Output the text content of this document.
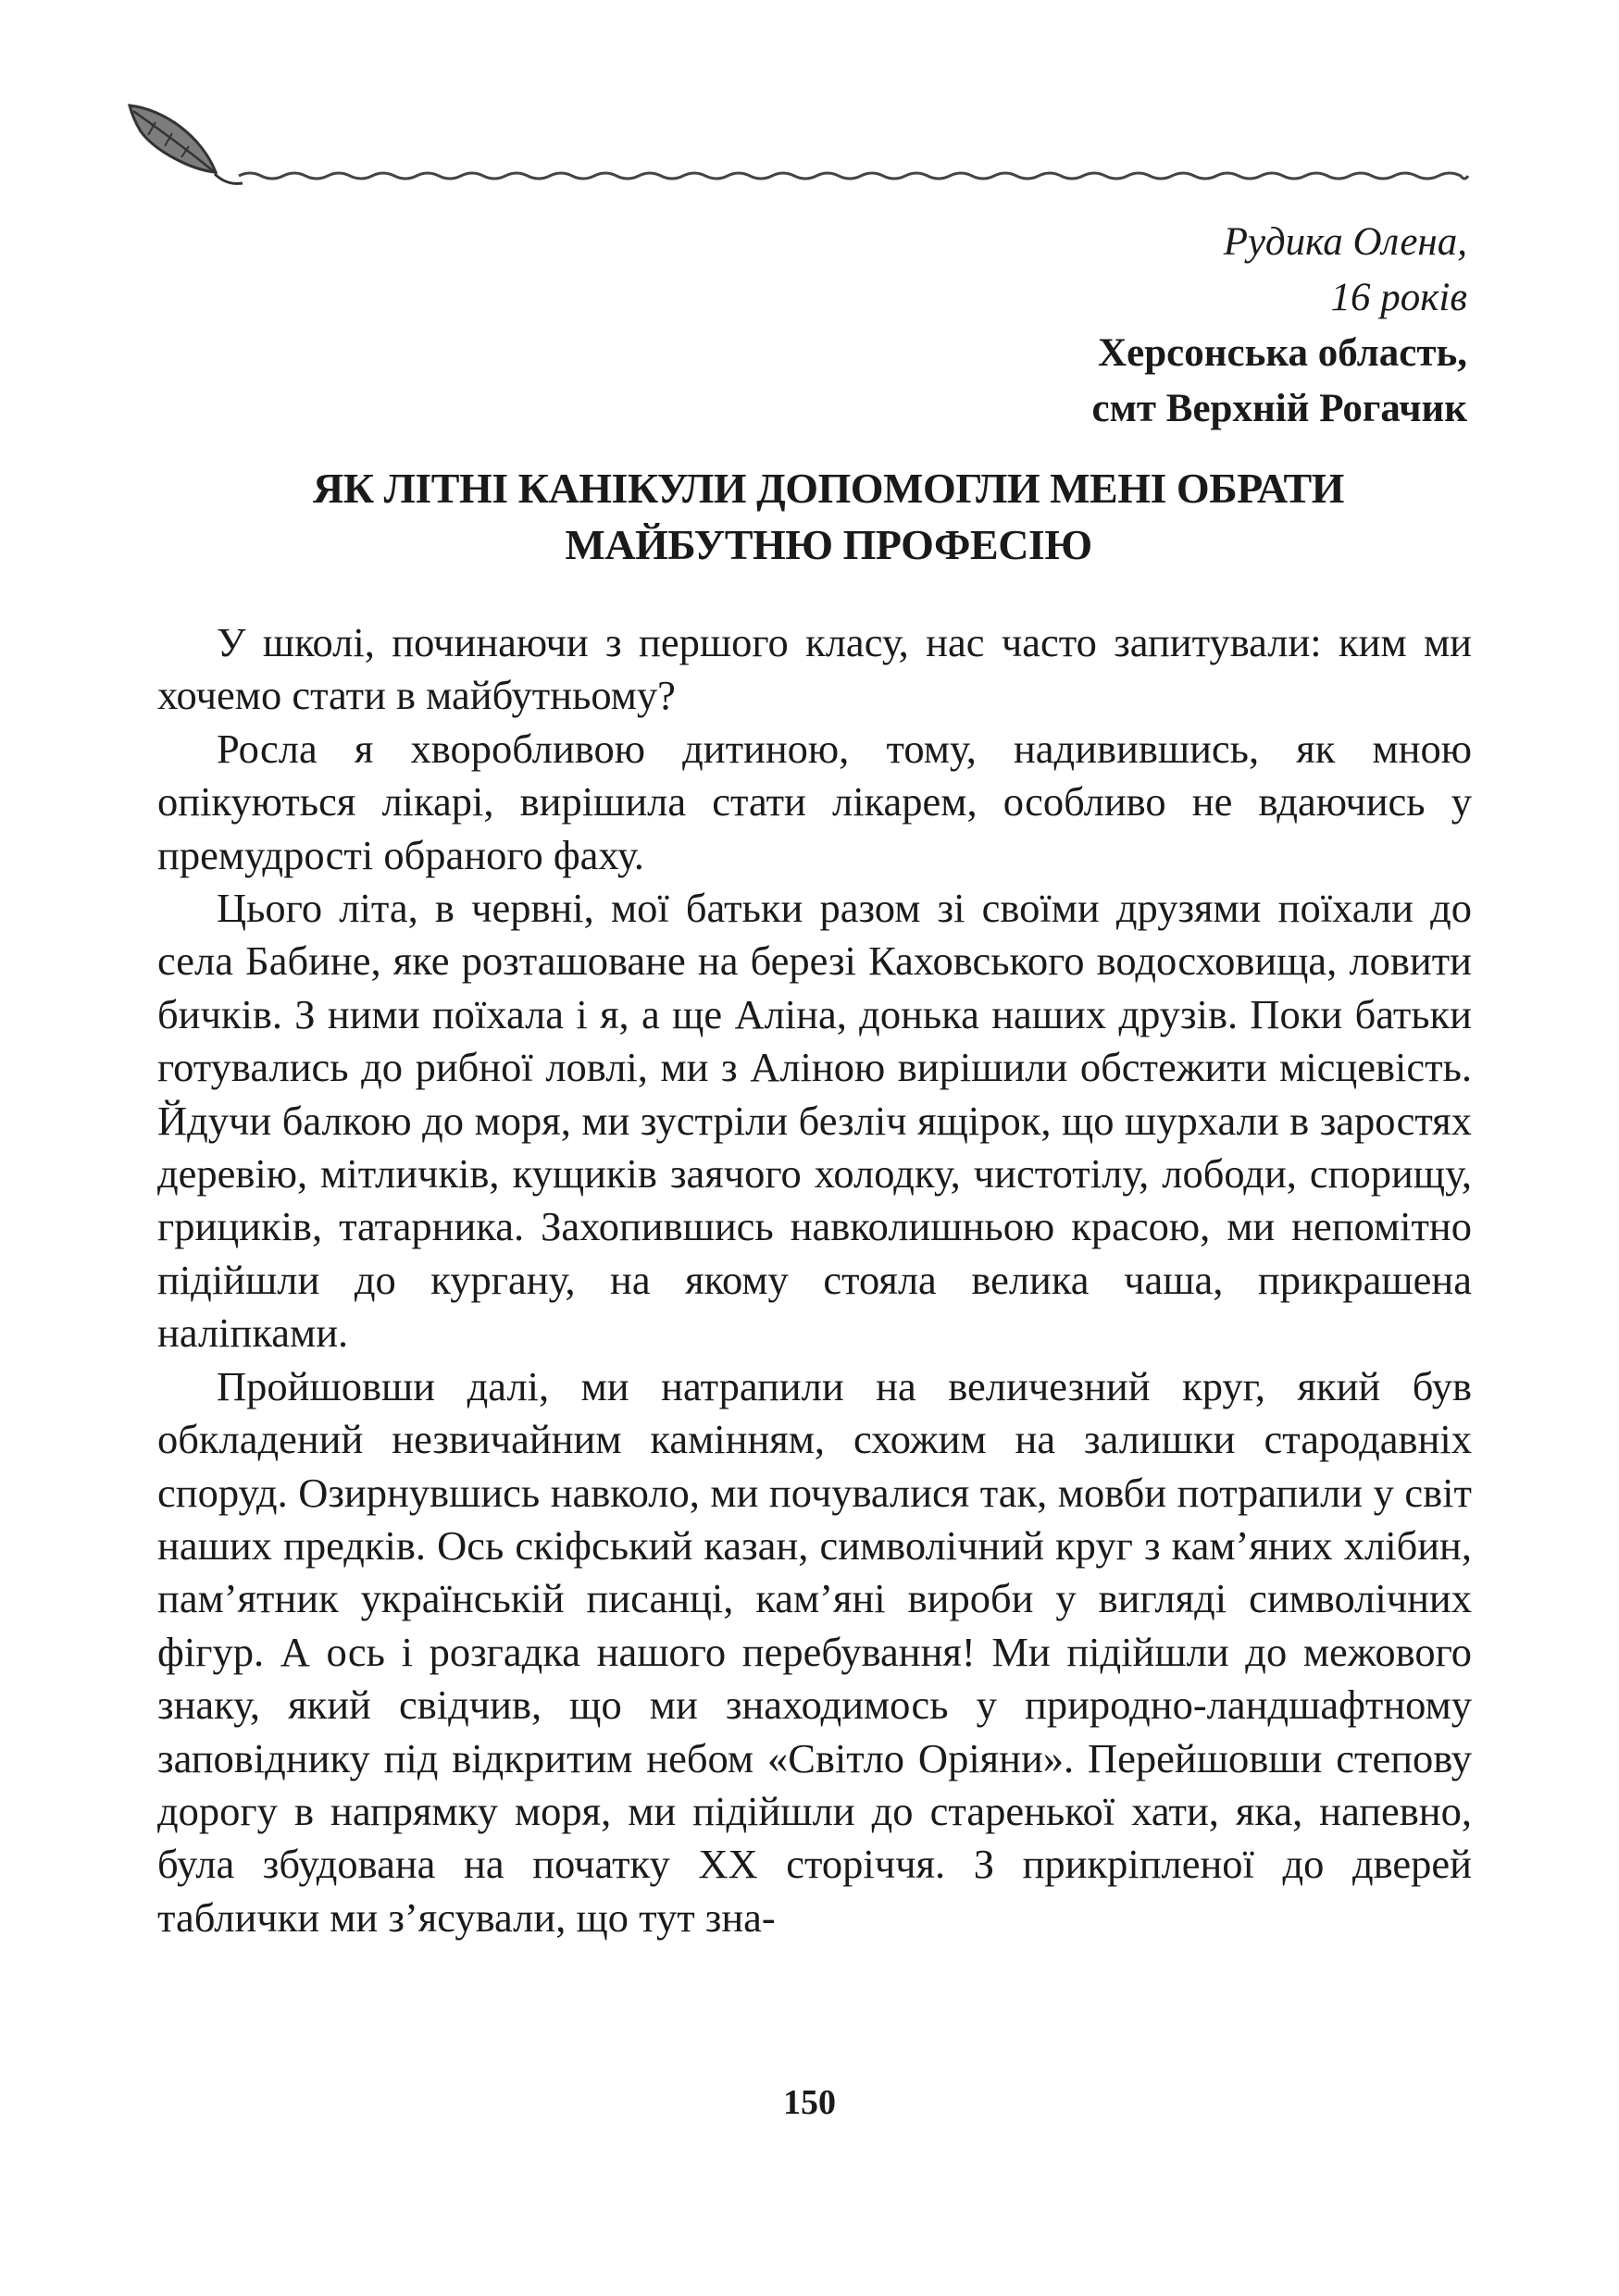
Рудика Олена,
16 років
Херсонська область,
смт Верхній Рогачик
ЯК ЛІТНІ КАНІКУЛИ ДОПОМОГЛИ МЕНІ ОБРАТИ
МАЙБУТНЮ ПРОФЕСІЮ

У школі, починаючи з першого класу, нас часто запитували: ким ми хочемо стати в майбутньому?

Росла я хворобливою дитиною, тому, надивившись, як мною опікуються лікарі, вирішила стати лікарем, особливо не вдаючись у премудрості обраного фаху.

Цього літа, в червні, мої батьки разом зі своїми друзями поїхали до села Бабине, яке розташоване на березі Каховського водосховища, ловити бичків. З ними поїхала і я, а ще Аліна, донька наших друзів. Поки батьки готувались до рибної ловлі, ми з Аліною вирішили обстежити місцевість. Йдучи балкою до моря, ми зустріли безліч ящірок, що шурхали в заростях деревію, мітличків, кущиків заячого холодку, чистотілу, лободи, спорищу, грициків, татарника. Захопившись навколишньою красою, ми непомітно підійшли до кургану, на якому стояла велика чаша, прикрашена наліпками.

Пройшовши далі, ми натрапили на величезний круг, який був обкладений незвичайним камінням, схожим на залишки стародавніх споруд. Озирнувшись навколо, ми почувалися так, мовби потрапили у світ наших предків. Ось скіфський казан, символічний круг з кам’яних хлібин, пам’ятник українській писанці, кам’яні вироби у вигляді символічних фігур. А ось і розгадка нашого перебування! Ми підійшли до межового знаку, який свідчив, що ми знаходимось у природно-ландшафтному заповіднику під відкритим небом «Світло Оріяни». Перейшовши степову дорогу в напрямку моря, ми підійшли до старенької хати, яка, напевно, була збудована на початку ХХ сторіччя. З прикріпленої до дверей таблички ми з’ясували, що тут зна-

150
